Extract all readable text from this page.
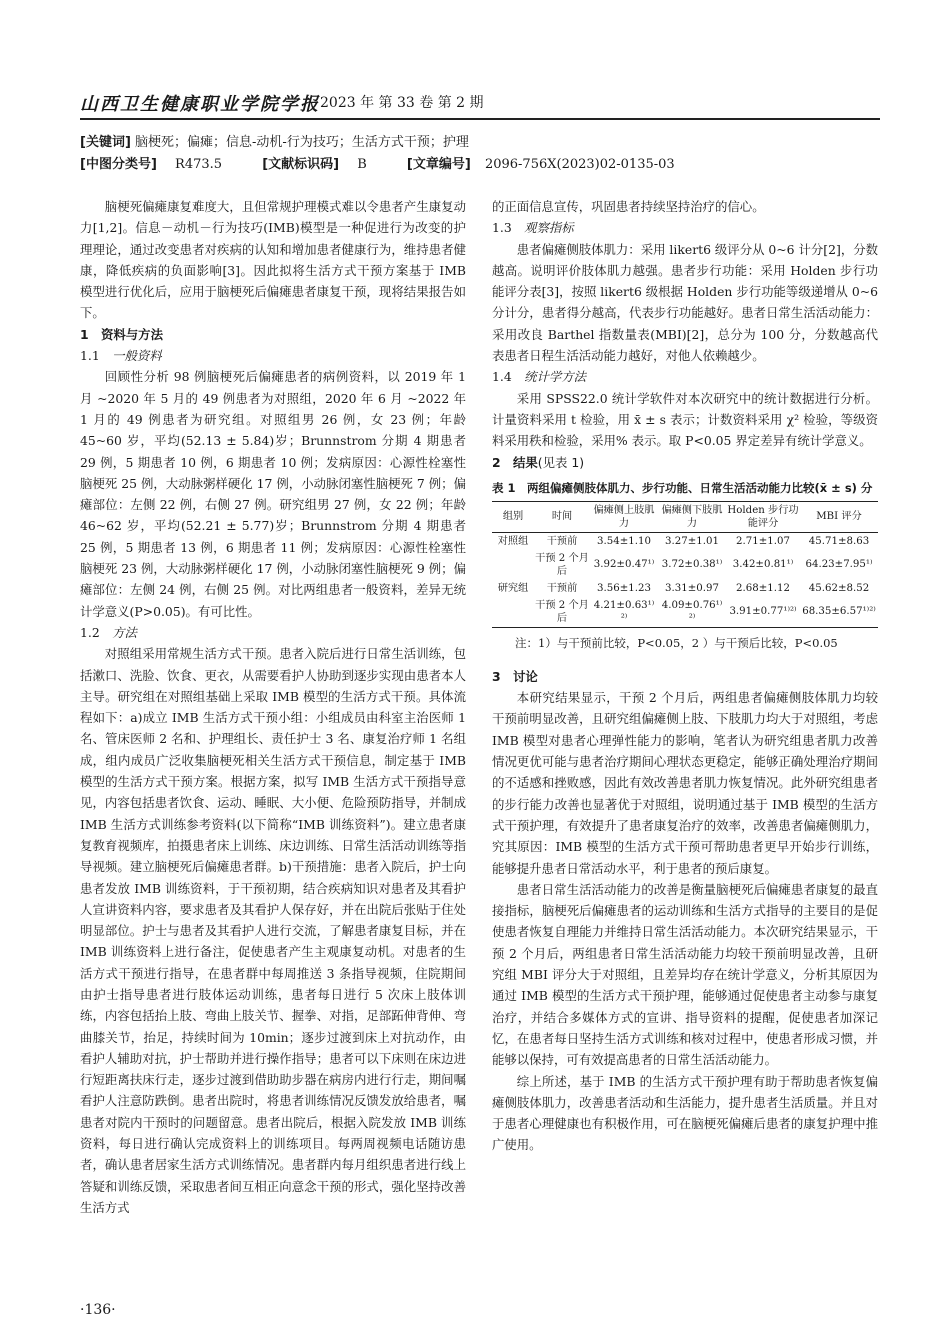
山西卫生健康职业学院学报 2023 年 第 33 卷 第 2 期
[关键词] 脑梗死；偏瘫；信息-动机-行为技巧；生活方式干预；护理
[中图分类号] R473.5	[文献标识码] B	[文章编号] 2096-756X(2023)02-0135-03

脑梗死偏瘫康复难度大，且但常规护理模式难以令患者产生康复动力[1,2]。信息－动机－行为技巧(IMB)模型是一种促进行为改变的护理理论，通过改变患者对疾病的认知和增加患者健康行为，维持患者健康，降低疾病的负面影响[3]。因此拟将生活方式干预方案基于 IMB 模型进行优化后，应用于脑梗死后偏瘫患者康复干预，现将结果报告如下。

1　资料与方法
1.1　 一般资料

回顾性分析 98 例脑梗死后偏瘫患者的病例资料，以 2019 年 1 月 ~2020 年 5 月的 49 例患者为对照组，2020 年 6 月 ~2022 年 1 月的 49 例患者为研究组。对照组男 26 例，女 23 例；年龄 45~60 岁，平均(52.13 ± 5.84)岁；Brunnstrom 分期 4 期患者 29 例，5 期患者 10 例，6 期患者 10 例；发病原因：心源性栓塞性脑梗死 25 例，大动脉粥样硬化 17 例，小动脉闭塞性脑梗死 7 例；偏瘫部位：左侧 22 例，右侧 27 例。研究组男 27 例，女 22 例；年龄 46~62 岁，平均(52.21 ± 5.77)岁；Brunnstrom 分期 4 期患者 25 例，5 期患者 13 例，6 期患者 11 例；发病原因：心源性栓塞性脑梗死 23 例，大动脉粥样硬化 17 例，小动脉闭塞性脑梗死 9 例；偏瘫部位：左侧 24 例，右侧 25 例。对比两组患者一般资料，差异无统计学意义(P>0.05)。有可比性。

1.2　 方法

对照组采用常规生活方式干预。患者入院后进行日常生活训练，包括漱口、洗脸、饮食、更衣，从需要看护人协助到逐步实现由患者本人主导。研究组在对照组基础上采取 IMB 模型的生活方式干预。具体流程如下：a)成立 IMB 生活方式干预小组：小组成员由科室主治医师 1 名、管床医师 2 名和、护理组长、责任护士 3 名、康复治疗师 1 名组成，组内成员广泛收集脑梗死相关生活方式干预信息，制定基于 IMB 模型的生活方式干预方案。根据方案，拟写 IMB 生活方式干预指导意见，内容包括患者饮食、运动、睡眠、大小便、危险预防指导，并制成 IMB 生活方式训练参考资料(以下简称“IMB 训练资料”)。建立患者康复教育视频库，拍摄患者床上训练、床边训练、日常生活活动训练等指导视频。建立脑梗死后偏瘫患者群。b)干预措施：患者入院后，护士向患者发放 IMB 训练资料，于干预初期，结合疾病知识对患者及其看护人宣讲资料内容，要求患者及其看护人保存好，并在出院后张贴于住处明显部位。护士与患者及其看护人进行交流，了解患者康复目标，并在 IMB 训练资料上进行备注，促使患者产生主观康复动机。对患者的生活方式干预进行指导，在患者群中每周推送 3 条指导视频，住院期间由护士指导患者进行肢体运动训练，患者每日进行 5 次床上肢体训练，内容包括抬上肢、弯曲上肢关节、握拳、对指，足部跖伸背伸、弯曲膝关节，抬足，持续时间为 10min；逐步过渡到床上对抗动作，由看护人辅助对抗，护士帮助并进行操作指导；患者可以下床则在床边进行短距离扶床行走，逐步过渡到借助助步器在病房内进行行走，期间嘱看护人注意防跌倒。患者出院时，将患者训练情况反馈发放给患者，嘱患者对院内干预时的问题留意。患者出院后，根据入院发放 IMB 训练资料，每日进行确认完成资料上的训练项目。每两周视频电话随访患者，确认患者居家生活方式训练情况。患者群内每月组织患者进行线上答疑和训练反馈，采取患者间互相正向意念干预的形式，强化坚持改善生活方式

的正面信息宣传，巩固患者持续坚持治疗的信心。

1.3　 观察指标

患者偏瘫侧肢体肌力：采用 likert6 级评分从 0~6 计分[2]，分数越高。说明评价肢体肌力越强。患者步行功能：采用 Holden 步行功能评分表[3]，按照 likert6 级根据 Holden 步行功能等级递增从 0~6 分计分，患者得分越高，代表步行功能越好。患者日常生活活动能力：采用改良 Barthel 指数量表(MBI)[2]，总分为 100 分，分数越高代表患者日程生活活动能力越好，对他人依赖越少。

1.4　 统计学方法

采用 SPSS22.0 统计学软件对本次研究中的统计数据进行分析。计量资料采用 t 检验，用 x̄ ± s 表示；计数资料采用 χ² 检验，等级资料采用秩和检验，采用% 表示。取 P<0.05 界定差异有统计学意义。

2　结果(见表 1)
表 1　两组偏瘫侧肢体肌力、步行功能、日常生活活动能力比较(x̄ ± s) 分
组别	时间	偏瘫侧上肢肌力	偏瘫侧下肢肌力	Holden 步行功能评分	MBI 评分
对照组	干预前	3.54±1.10	3.27±1.01	2.71±1.07	45.71±8.63
	干预 2 个月后	3.92±0.47¹⁾	3.72±0.38¹⁾	3.42±0.81¹⁾	64.23±7.95¹⁾
研究组	干预前	3.56±1.23	3.31±0.97	2.68±1.12	45.62±8.52
	干预 2 个月后	4.21±0.63¹⁾²⁾	4.09±0.76¹⁾²⁾	3.91±0.77¹⁾²⁾	68.35±6.57¹⁾²⁾
注：1）与干预前比较，P<0.05，2 ）与干预后比较，P<0.05
3　讨论

本研究结果显示，干预 2 个月后，两组患者偏瘫侧肢体肌力均较干预前明显改善，且研究组偏瘫侧上肢、下肢肌力均大于对照组，考虑 IMB 模型对患者心理弹性能力的影响，笔者认为研究组患者肌力改善情况更优可能与患者治疗期间心理状态更稳定，能够正确处理治疗期间的不适感和挫败感，因此有效改善患者肌力恢复情况。此外研究组患者的步行能力改善也显著优于对照组，说明通过基于 IMB 模型的生活方式干预护理，有效提升了患者康复治疗的效率，改善患者偏瘫侧肌力，究其原因：IMB 模型的生活方式干预可帮助患者更早开始步行训练，能够提升患者日常活动水平，利于患者的预后康复。

患者日常生活活动能力的改善是衡量脑梗死后偏瘫患者康复的最直接指标，脑梗死后偏瘫患者的运动训练和生活方式指导的主要目的是促使患者恢复自理能力并维持日常生活活动能力。本次研究结果显示，干预 2 个月后，两组患者日常生活活动能力均较干预前明显改善，且研究组 MBI 评分大于对照组，且差异均存在统计学意义，分析其原因为通过 IMB 模型的生活方式干预护理，能够通过促使患者主动参与康复治疗，并结合多媒体方式的宣讲、指导资料的提醒，促使患者加深记忆，在患者每日坚持生活方式训练和核对过程中，使患者形成习惯，并能够以保持，可有效提高患者的日常生活活动能力。

综上所述，基于 IMB 的生活方式干预护理有助于帮助患者恢复偏瘫侧肢体肌力，改善患者活动和生活能力，提升患者生活质量。并且对于患者心理健康也有积极作用，可在脑梗死偏瘫后患者的康复护理中推广使用。

·136·
